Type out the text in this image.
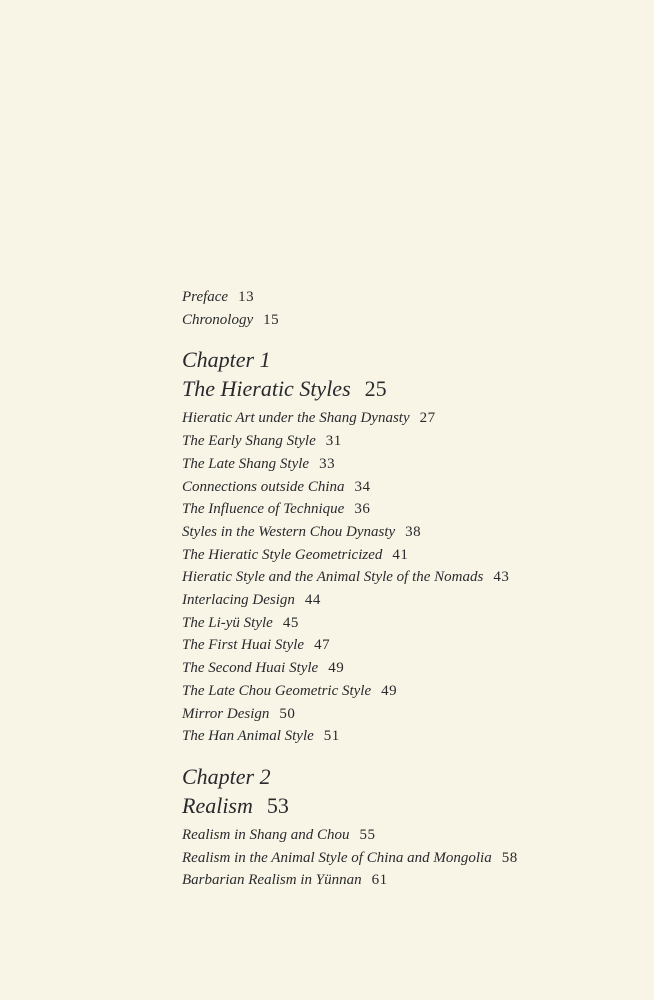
Preface 13
Chronology 15
Chapter 1
The Hieratic Styles 25
Hieratic Art under the Shang Dynasty 27
The Early Shang Style 31
The Late Shang Style 33
Connections outside China 34
The Influence of Technique 36
Styles in the Western Chou Dynasty 38
The Hieratic Style Geometricized 41
Hieratic Style and the Animal Style of the Nomads 43
Interlacing Design 44
The Li-yü Style 45
The First Huai Style 47
The Second Huai Style 49
The Late Chou Geometric Style 49
Mirror Design 50
The Han Animal Style 51
Chapter 2
Realism 53
Realism in Shang and Chou 55
Realism in the Animal Style of China and Mongolia 58
Barbarian Realism in Yünnan 61
